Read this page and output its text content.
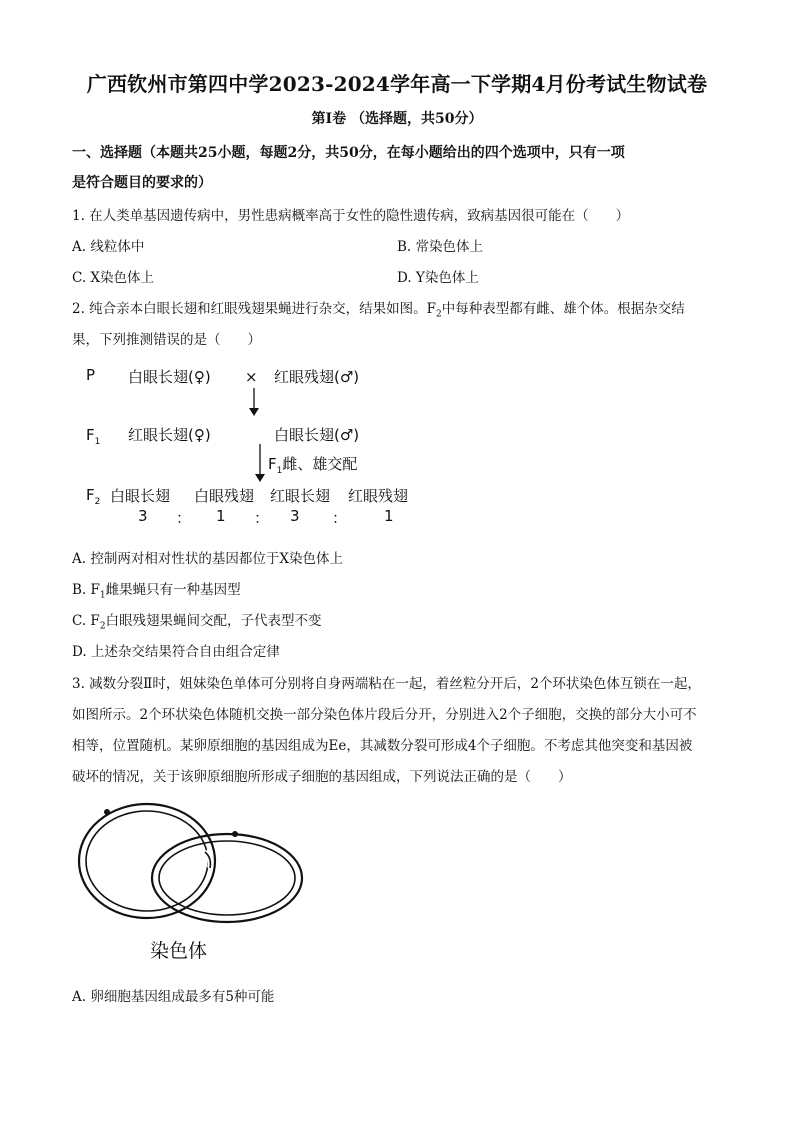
广西钦州市第四中学2023-2024学年高一下学期4月份考试生物试卷
第I卷 （选择题，共50分）
一、选择题（本题共25小题，每题2分，共50分，在每小题给出的四个选项中，只有一项
是符合题目的要求的）
1. 在人类单基因遗传病中，男性患病概率高于女性的隐性遗传病，致病基因很可能在（　　）
A. 线粒体中	B. 常染色体上
C. X染色体上	D. Y染色体上
2. 纯合亲本白眼长翅和红眼残翅果蝇进行杂交，结果如图。$F_2$中每种表型都有雌、雄个体。根据杂交结
果，下列推测错误的是（　　）
P 白眼长翅(♀) × 红眼残翅(♂)
$F_1$ 红眼长翅(♀)	白眼长翅(♂)
$F_1$雌、雄交配
$F_2$ 白眼长翅 白眼残翅 红眼长翅 红眼残翅
3 ： 1 ： 3 ： 1
A. 控制两对相对性状的基因都位于X染色体上
B. $F_1$雌果蝇只有一种基因型
C. $F_2$白眼残翅果蝇间交配，子代表型不变
D. 上述杂交结果符合自由组合定律
3. 减数分裂Ⅱ时，姐妹染色单体可分别将自身两端粘在一起，着丝粒分开后，2个环状染色体互锁在一起，
如图所示。2个环状染色体随机交换一部分染色体片段后分开，分别进入2个子细胞，交换的部分大小可不
相等，位置随机。某卵原细胞的基因组成为Ee，其减数分裂可形成4个子细胞。不考虑其他突变和基因被
破坏的情况，关于该卵原细胞所形成子细胞的基因组成，下列说法正确的是（　　）
染色体
A. 卵细胞基因组成最多有5种可能
